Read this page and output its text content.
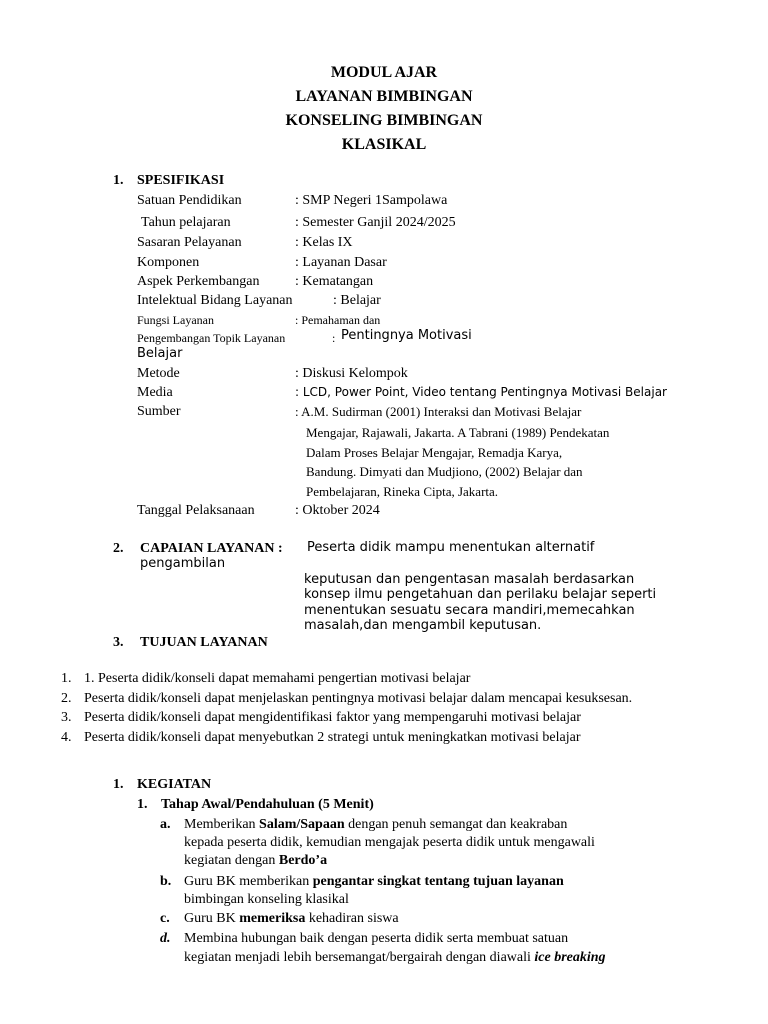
MODUL AJAR
LAYANAN BIMBINGAN
KONSELING BIMBINGAN
KLASIKAL
1. SPESIFIKASI
Satuan Pendidikan	: SMP Negeri 1Sampolawa
Tahun pelajaran	: Semester Ganjil 2024/2025
Sasaran Pelayanan	: Kelas IX
Komponen	: Layanan Dasar
Aspek Perkembangan	: Kematangan
Intelektual Bidang Layanan	: Belajar
Fungsi Layanan	: Pemahaman dan
Pengembangan Topik Layanan	: Pentingnya Motivasi
Belajar
Metode	: Diskusi Kelompok
Media	: LCD, Power Point, Video tentang Pentingnya Motivasi Belajar
Sumber	: A.M. Sudirman (2001) Interaksi dan Motivasi Belajar
Mengajar, Rajawali, Jakarta. A Tabrani (1989) Pendekatan
Dalam Proses Belajar Mengajar, Remadja Karya,
Bandung. Dimyati dan Mudjiono, (2002) Belajar dan
Pembelajaran, Rineka Cipta, Jakarta.
Tanggal Pelaksanaan	: Oktober 2024
2. CAPAIAN LAYANAN : Peserta didik mampu menentukan alternatif
pengambilan
keputusan dan pengentasan masalah berdasarkan
konsep ilmu pengetahuan dan perilaku belajar seperti
menentukan sesuatu secara mandiri,memecahkan
masalah,dan mengambil keputusan.
3. TUJUAN LAYANAN
1. 1. Peserta didik/konseli dapat memahami pengertian motivasi belajar
2. Peserta didik/konseli dapat menjelaskan pentingnya motivasi belajar dalam mencapai kesuksesan.
3. Peserta didik/konseli dapat mengidentifikasi faktor yang mempengaruhi motivasi belajar
4. Peserta didik/konseli dapat menyebutkan 2 strategi untuk meningkatkan motivasi belajar
1. KEGIATAN
1. Tahap Awal/Pendahuluan (5 Menit)
a. Memberikan Salam/Sapaan dengan penuh semangat dan keakraban
kepada peserta didik, kemudian mengajak peserta didik untuk mengawali
kegiatan dengan Berdo’a
b. Guru BK memberikan pengantar singkat tentang tujuan layanan
bimbingan konseling klasikal
c. Guru BK memeriksa kehadiran siswa
d. Membina hubungan baik dengan peserta didik serta membuat satuan
kegiatan menjadi lebih bersemangat/bergairah dengan diawali ice breaking
